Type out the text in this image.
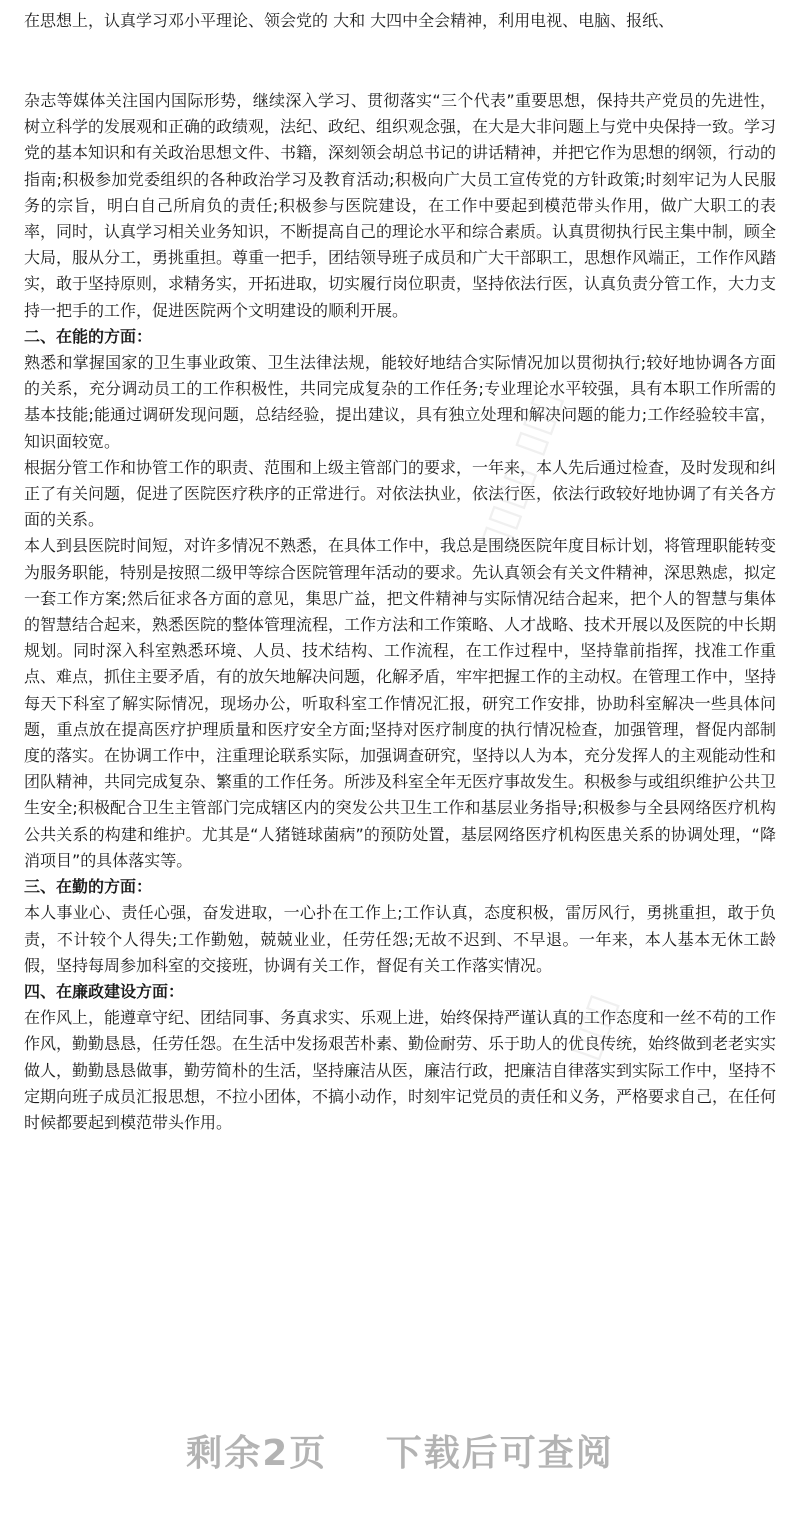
在思想上，认真学习邓小平理论、领会党的 大和 大四中全会精神，利用电视、电脑、报纸、

杂志等媒体关注国内国际形势，继续深入学习、贯彻落实“三个代表”重要思想，保持共产党员的先进性，树立科学的发展观和正确的政绩观，法纪、政纪、组织观念强，在大是大非问题上与党中央保持一致。学习党的基本知识和有关政治思想文件、书籍，深刻领会胡总书记的讲话精神，并把它作为思想的纲领，行动的指南;积极参加党委组织的各种政治学习及教育活动;积极向广大员工宣传党的方针政策;时刻牢记为人民服务的宗旨，明白自己所肩负的责任;积极参与医院建设，在工作中要起到模范带头作用，做广大职工的表率，同时，认真学习相关业务知识，不断提高自己的理论水平和综合素质。认真贯彻执行民主集中制，顾全大局，服从分工，勇挑重担。尊重一把手，团结领导班子成员和广大干部职工，思想作风端正，工作作风踏实，敢于坚持原则，求精务实，开拓进取，切实履行岗位职责，坚持依法行医，认真负责分管工作，大力支持一把手的工作，促进医院两个文明建设的顺利开展。

二、在能的方面：

熟悉和掌握国家的卫生事业政策、卫生法律法规，能较好地结合实际情况加以贯彻执行;较好地协调各方面的关系，充分调动员工的工作积极性，共同完成复杂的工作任务;专业理论水平较强，具有本职工作所需的基本技能;能通过调研发现问题，总结经验，提出建议，具有独立处理和解决问题的能力;工作经验较丰富，知识面较宽。

根据分管工作和协管工作的职责、范围和上级主管部门的要求，一年来，本人先后通过检查，及时发现和纠正了有关问题，促进了医院医疗秩序的正常进行。对依法执业，依法行医，依法行政较好地协调了有关各方面的关系。

本人到县医院时间短，对许多情况不熟悉，在具体工作中，我总是围绕医院年度目标计划，将管理职能转变为服务职能，特别是按照二级甲等综合医院管理年活动的要求。先认真领会有关文件精神，深思熟虑，拟定一套工作方案;然后征求各方面的意见，集思广益，把文件精神与实际情况结合起来，把个人的智慧与集体的智慧结合起来，熟悉医院的整体管理流程，工作方法和工作策略、人才战略、技术开展以及医院的中长期规划。同时深入科室熟悉环境、人员、技术结构、工作流程，在工作过程中，坚持靠前指挥，找准工作重点、难点，抓住主要矛盾，有的放矢地解决问题，化解矛盾，牢牢把握工作的主动权。在管理工作中，坚持每天下科室了解实际情况，现场办公，听取科室工作情况汇报，研究工作安排，协助科室解决一些具体问题，重点放在提高医疗护理质量和医疗安全方面;坚持对医疗制度的执行情况检查，加强管理，督促内部制度的落实。在协调工作中，注重理论联系实际，加强调查研究，坚持以人为本，充分发挥人的主观能动性和团队精神，共同完成复杂、繁重的工作任务。所涉及科室全年无医疗事故发生。积极参与或组织维护公共卫生安全;积极配合卫生主管部门完成辖区内的突发公共卫生工作和基层业务指导;积极参与全县网络医疗机构公共关系的构建和维护。尤其是“人猪链球菌病”的预防处置，基层网络医疗机构医患关系的协调处理，“降消项目”的具体落实等。

三、在勤的方面：

本人事业心、责任心强，奋发进取，一心扑在工作上;工作认真，态度积极，雷厉风行，勇挑重担，敢于负责，不计较个人得失;工作勤勉，兢兢业业，任劳任怨;无故不迟到、不早退。一年来，本人基本无休工龄假，坚持每周参加科室的交接班，协调有关工作，督促有关工作落实情况。

四、在廉政建设方面：

在作风上，能遵章守纪、团结同事、务真求实、乐观上进，始终保持严谨认真的工作态度和一丝不苟的工作作风，勤勤恳恳，任劳任怨。在生活中发扬艰苦朴素、勤俭耐劳、乐于助人的优良传统，始终做到老老实实做人，勤勤恳恳做事，勤劳简朴的生活，坚持廉洁从医，廉洁行政，把廉洁自律落实到实际工作中，坚持不定期向班子成员汇报思想，不拉小团体，不搞小动作，时刻牢记党员的责任和义务，严格要求自己，在任何时候都要起到模范带头作用。

▯▯▯▯ ▯▯▯
▯▯▯
剩余2页 下载后可查阅
